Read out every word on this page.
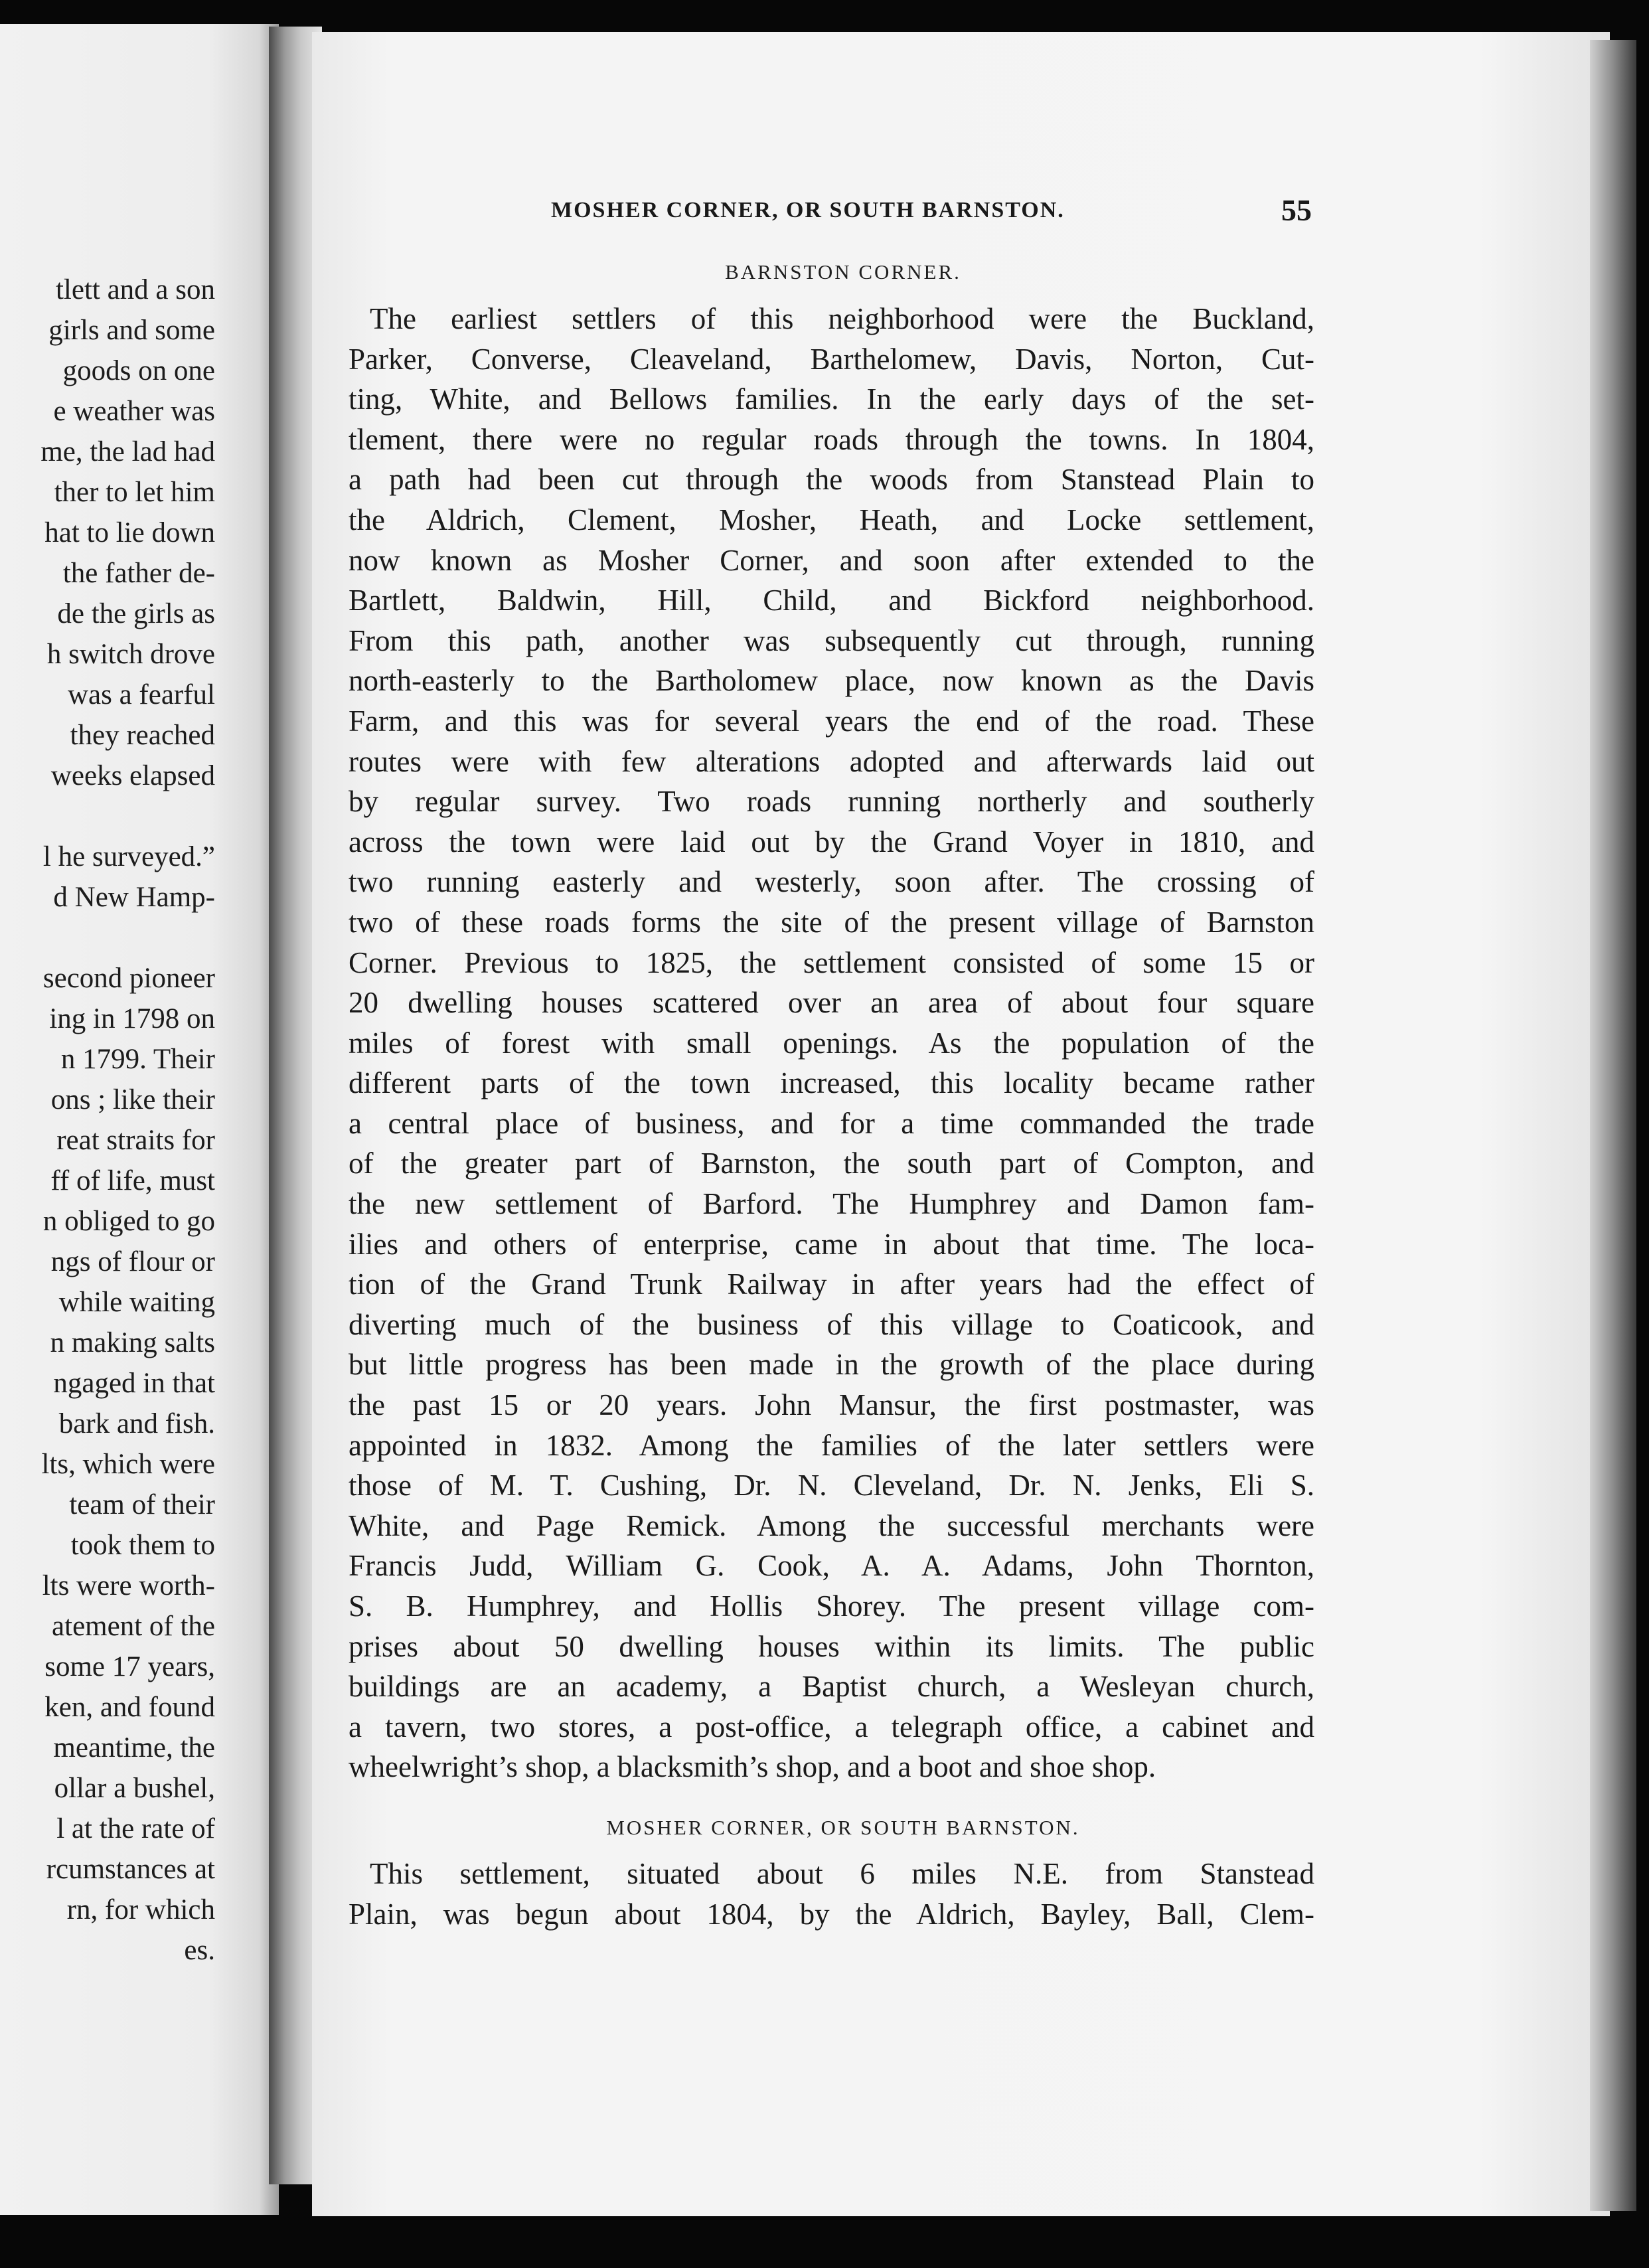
tlett and a son
girls and some
goods on one
e weather was
me, the lad had
ther to let him
hat to lie down
the father de-
de the girls as
h switch drove
was a fearful
they reached
weeks elapsed
l he surveyed.”
d New Hamp-
second pioneer
ing in 1798 on
n 1799. Their
ons ; like their
reat straits for
ff of life, must
n obliged to go
ngs of flour or
while waiting
n making salts
ngaged in that
bark and fish.
lts, which were
team of their
took them to
lts were worth-
atement of the
some 17 years,
ken, and found
meantime, the
ollar a bushel,
l at the rate of
rcumstances at
rn, for which
es.
MOSHER CORNER, OR SOUTH BARNSTON.	55
BARNSTON CORNER.
The earliest settlers of this neighborhood were the Buckland,
Parker, Converse, Cleaveland, Barthelomew, Davis, Norton, Cut-
ting, White, and Bellows families. In the early days of the set-
tlement, there were no regular roads through the towns. In 1804,
a path had been cut through the woods from Stanstead Plain to
the Aldrich, Clement, Mosher, Heath, and Locke settlement,
now known as Mosher Corner, and soon after extended to the
Bartlett, Baldwin, Hill, Child, and Bickford neighborhood.
From this path, another was subsequently cut through, running
north-easterly to the Bartholomew place, now known as the Davis
Farm, and this was for several years the end of the road. These
routes were with few alterations adopted and afterwards laid out
by regular survey. Two roads running northerly and southerly
across the town were laid out by the Grand Voyer in 1810, and
two running easterly and westerly, soon after. The crossing of
two of these roads forms the site of the present village of Barnston
Corner. Previous to 1825, the settlement consisted of some 15 or
20 dwelling houses scattered over an area of about four square
miles of forest with small openings. As the population of the
different parts of the town increased, this locality became rather
a central place of business, and for a time commanded the trade
of the greater part of Barnston, the south part of Compton, and
the new settlement of Barford. The Humphrey and Damon fam-
ilies and others of enterprise, came in about that time. The loca-
tion of the Grand Trunk Railway in after years had the effect of
diverting much of the business of this village to Coaticook, and
but little progress has been made in the growth of the place during
the past 15 or 20 years. John Mansur, the first postmaster, was
appointed in 1832. Among the families of the later settlers were
those of M. T. Cushing, Dr. N. Cleveland, Dr. N. Jenks, Eli S.
White, and Page Remick. Among the successful merchants were
Francis Judd, William G. Cook, A. A. Adams, John Thornton,
S. B. Humphrey, and Hollis Shorey. The present village com-
prises about 50 dwelling houses within its limits. The public
buildings are an academy, a Baptist church, a Wesleyan church,
a tavern, two stores, a post-office, a telegraph office, a cabinet and
wheelwright’s shop, a blacksmith’s shop, and a boot and shoe shop.
MOSHER CORNER, OR SOUTH BARNSTON.
This settlement, situated about 6 miles N.E. from Stanstead
Plain, was begun about 1804, by the Aldrich, Bayley, Ball, Clem-
